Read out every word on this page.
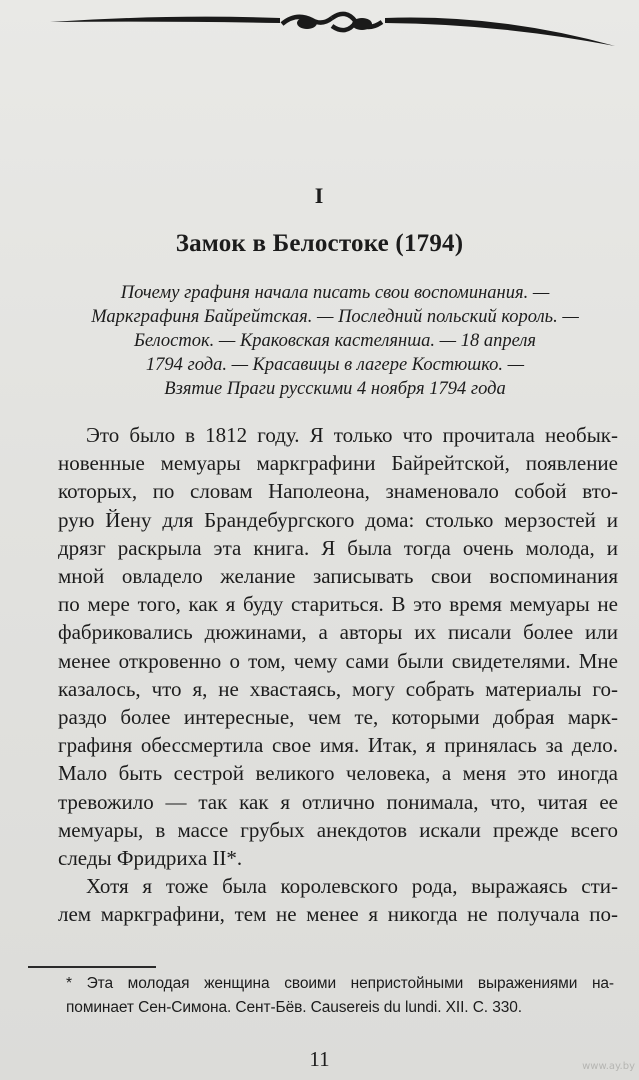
I
Замок в Белостоке (1794)
Почему графиня начала писать свои воспоминания. —
Маркграфиня Байрейтская. — Последний польский король. —
Белосток. — Краковская кастелянша. — 18 апреля
1794 года. — Красавицы в лагере Костюшко. —
Взятие Праги русскими 4 ноября 1794 года
Это было в 1812 году. Я только что прочитала необык-
новенные мемуары маркграфини Байрейтской, появление
которых, по словам Наполеона, знаменовало собой вто-
рую Йену для Брандебургского дома: столько мерзостей и
дрязг раскрыла эта книга. Я была тогда очень молода, и
мной овладело желание записывать свои воспоминания
по мере того, как я буду стариться. В это время мемуары не
фабриковались дюжинами, а авторы их писали более или
менее откровенно о том, чему сами были свидетелями. Мне
казалось, что я, не хвастаясь, могу собрать материалы го-
раздо более интересные, чем те, которыми добрая марк-
графиня обессмертила свое имя. Итак, я принялась за дело.
Мало быть сестрой великого человека, а меня это иногда
тревожило — так как я отлично понимала, что, читая ее
мемуары, в массе грубых анекдотов искали прежде всего
следы Фридриха II*.
Хотя я тоже была королевского рода, выражаясь сти-
лем маркграфини, тем не менее я никогда не получала по-
* Эта молодая женщина своими непристойными выражениями на-
поминает Сен-Симона. Сент-Бёв. Causereis du lundi. XII. C. 330.
11	www.ay.by
